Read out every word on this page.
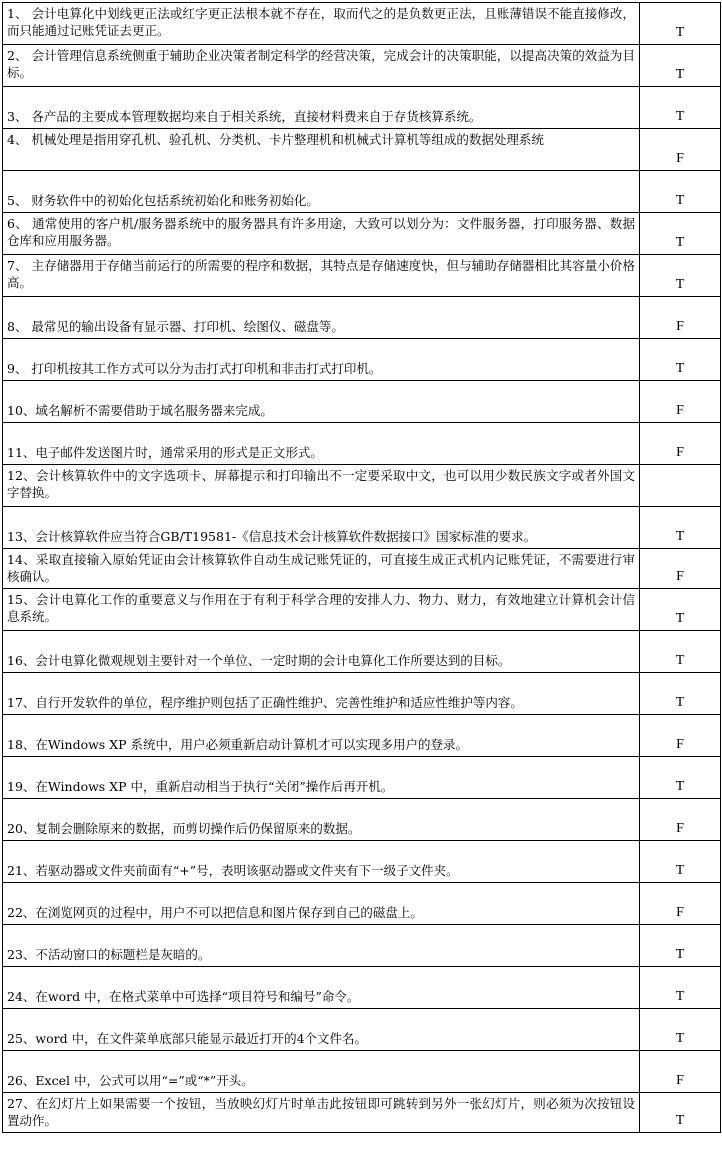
1、 会计电算化中划线更正法或红字更正法根本就不存在，取而代之的是负数更正法，且账薄错误不能直接修改，而只能通过记账凭证去更正。	T
2、 会计管理信息系统侧重于辅助企业决策者制定科学的经营决策，完成会计的决策职能，以提高决策的效益为目标。	T
3、 各产品的主要成本管理数据均来自于相关系统，直接材料费来自于存货核算系统。	T
4、 机械处理是指用穿孔机、验孔机、分类机、卡片整理机和机械式计算机等组成的数据处理系统	F
5、 财务软件中的初始化包括系统初始化和账务初始化。	T
6、 通常使用的客户机/服务器系统中的服务器具有许多用途，大致可以划分为：文件服务器，打印服务器、数据仓库和应用服务器。	T
7、 主存储器用于存储当前运行的所需要的程序和数据，其特点是存储速度快，但与辅助存储器相比其容量小价格高。	T
8、 最常见的输出设备有显示器、打印机、绘图仪、磁盘等。	F
9、 打印机按其工作方式可以分为击打式打印机和非击打式打印机。	T
10、域名解析不需要借助于域名服务器来完成。	F
11、电子邮件发送图片时，通常采用的形式是正文形式。	F
12、会计核算软件中的文字选项卡、屏幕提示和打印输出不一定要采取中文，也可以用少数民族文字或者外国文字替换。	
13、会计核算软件应当符合GB/T19581-《信息技术会计核算软件数据接口》国家标准的要求。	T
14、采取直接输入原始凭证由会计核算软件自动生成记账凭证的，可直接生成正式机内记账凭证，不需要进行审核确认。	F
15、会计电算化工作的重要意义与作用在于有利于科学合理的安排人力、物力、财力，有效地建立计算机会计信息系统。	T
16、会计电算化微观规划主要针对一个单位、一定时期的会计电算化工作所要达到的目标。	T
17、自行开发软件的单位，程序维护则包括了正确性维护、完善性维护和适应性维护等内容。	T
18、在Windows XP 系统中，用户必须重新启动计算机才可以实现多用户的登录。	F
19、在Windows XP 中，重新启动相当于执行“关闭”操作后再开机。	T
20、复制会删除原来的数据，而剪切操作后仍保留原来的数据。	F
21、若驱动器或文件夹前面有“+”号，表明该驱动器或文件夹有下一级子文件夹。	T
22、在浏览网页的过程中，用户不可以把信息和图片保存到自己的磁盘上。	F
23、不活动窗口的标题栏是灰暗的。	T
24、在word 中，在格式菜单中可选择“项目符号和编号”命令。	T
25、word 中，在文件菜单底部只能显示最近打开的4个文件名。	T
26、Excel 中，公式可以用“=”或“*”开头。	F
27、在幻灯片上如果需要一个按钮，当放映幻灯片时单击此按钮即可跳转到另外一张幻灯片，则必须为次按钮设置动作。	T
